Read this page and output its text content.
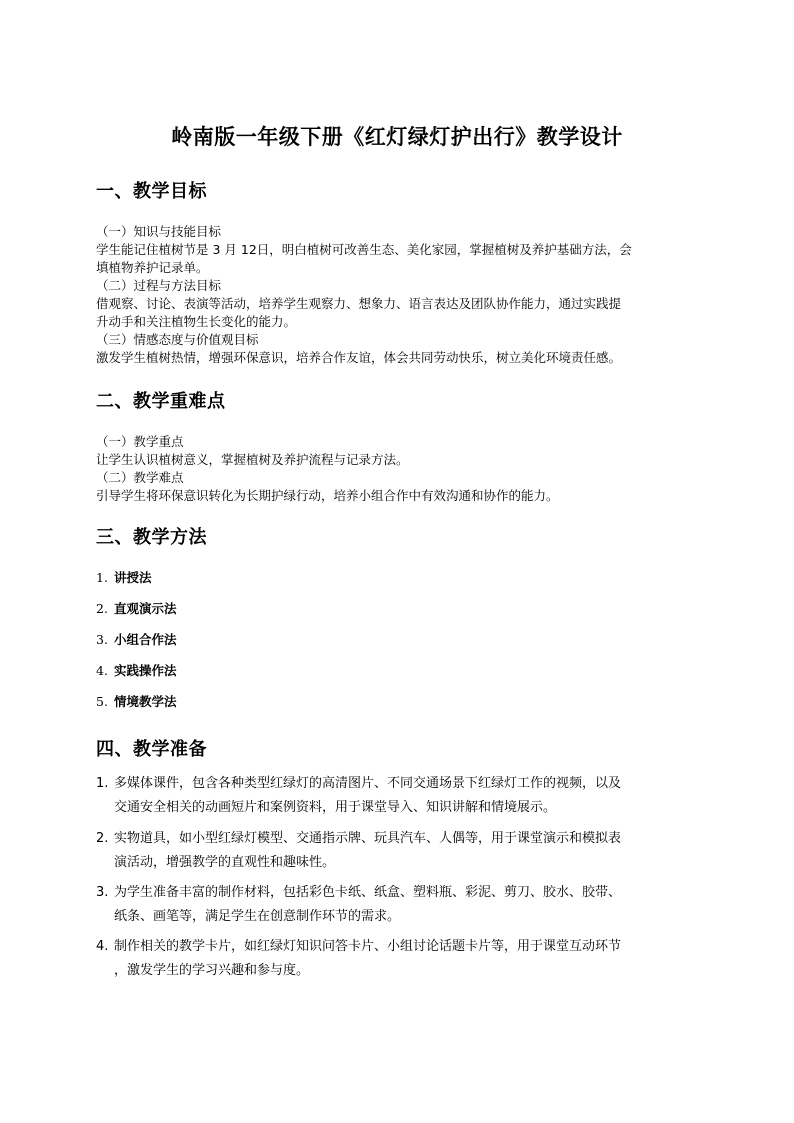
岭南版一年级下册《红灯绿灯护出行》教学设计
一、教学目标
（一）知识与技能目标
学生能记住植树节是 3 月 12日，明白植树可改善生态、美化家园，掌握植树及养护基础方法，会
填植物养护记录单。
（二）过程与方法目标
借观察、讨论、表演等活动，培养学生观察力、想象力、语言表达及团队协作能力，通过实践提
升动手和关注植物生长变化的能力。
（三）情感态度与价值观目标
激发学生植树热情，增强环保意识，培养合作友谊，体会共同劳动快乐，树立美化环境责任感。
二、教学重难点
（一）教学重点
让学生认识植树意义，掌握植树及养护流程与记录方法。
（二）教学难点
引导学生将环保意识转化为长期护绿行动，培养小组合作中有效沟通和协作的能力。
三、教学方法
1. 讲授法
2. 直观演示法
3. 小组合作法
4. 实践操作法
5. 情境教学法
四、教学准备
1. 多媒体课件，包含各种类型红绿灯的高清图片、不同交通场景下红绿灯工作的视频，以及
交通安全相关的动画短片和案例资料，用于课堂导入、知识讲解和情境展示。
2. 实物道具，如小型红绿灯模型、交通指示牌、玩具汽车、人偶等，用于课堂演示和模拟表
演活动，增强教学的直观性和趣味性。
3. 为学生准备丰富的制作材料，包括彩色卡纸、纸盒、塑料瓶、彩泥、剪刀、胶水、胶带、
纸条、画笔等，满足学生在创意制作环节的需求。
4. 制作相关的教学卡片，如红绿灯知识问答卡片、小组讨论话题卡片等，用于课堂互动环节
，激发学生的学习兴趣和参与度。
